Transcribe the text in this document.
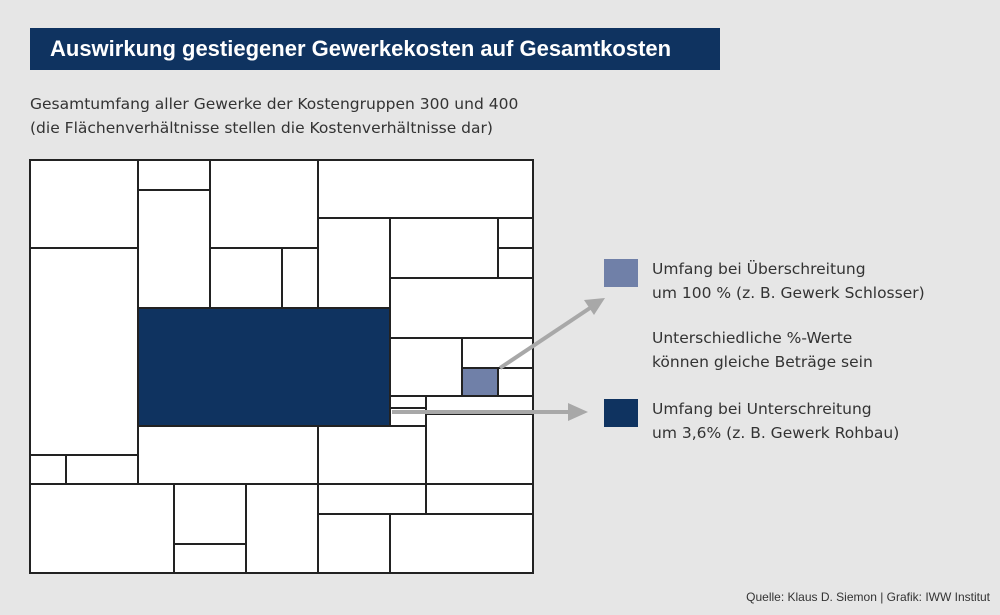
Auswirkung gestiegener Gewerkekosten auf Gesamtkosten
Gesamtumfang aller Gewerke der Kostengruppen 300 und 400
(die Flächenverhältnisse stellen die Kostenverhältnisse dar)
Umfang bei Überschreitung
um 100 % (z. B. Gewerk Schlosser)
Unterschiedliche %-Werte
können gleiche Beträge sein
Umfang bei Unterschreitung
um 3,6% (z. B. Gewerk Rohbau)
Quelle: Klaus D. Siemon | Grafik: IWW Institut
